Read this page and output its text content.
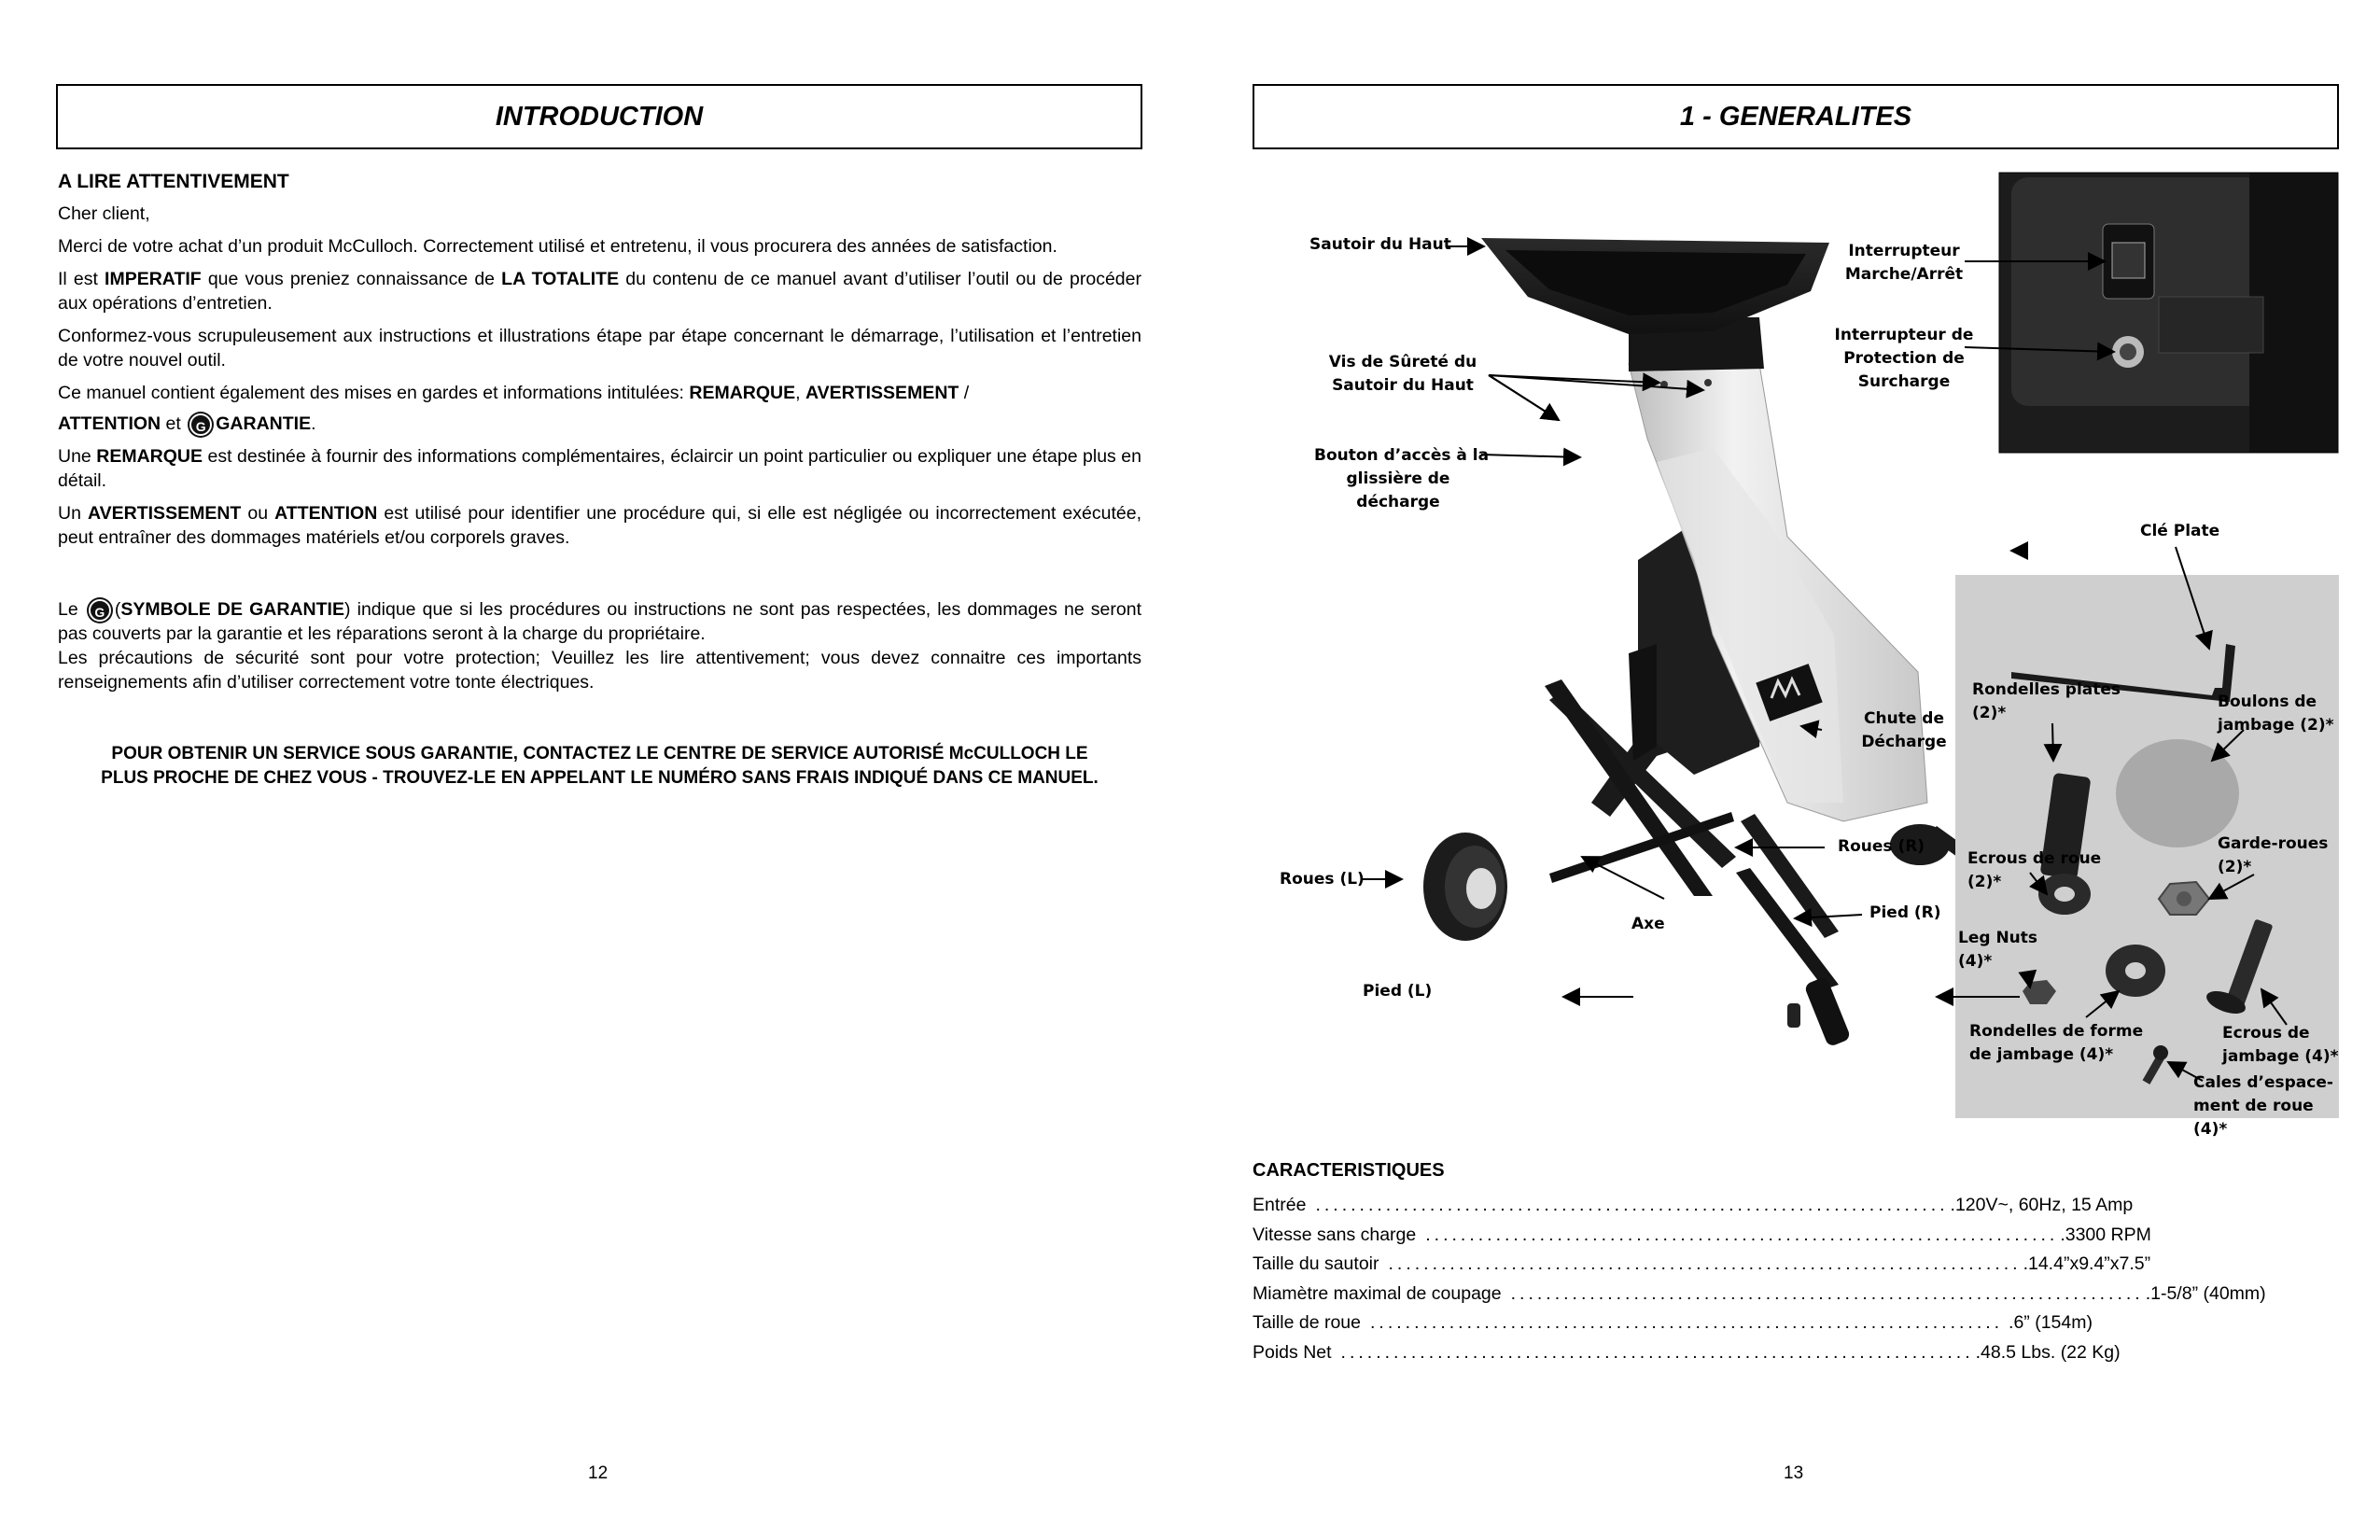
INTRODUCTION
A LIRE ATTENTIVEMENT

Cher client,

Merci de votre achat d’un produit McCulloch. Correctement utilisé et entretenu, il vous procurera des années de satisfaction.

Il est IMPERATIF que vous preniez connaissance de LA TOTALITE du contenu de ce manuel avant d’utiliser l’outil ou de procéder aux opérations d’entretien.

Conformez-vous scrupuleusement aux instructions et illustrations étape par étape concernant le démarrage, l’utilisation et l’entretien de votre nouvel outil.

Ce manuel contient également des mises en gardes et informations intitulées: REMARQUE, AVERTISSEMENT /

ATTENTION et G GARANTIE.

Une REMARQUE est destinée à fournir des informations complémentaires, éclaircir un point particulier ou expliquer une étape plus en détail.

Un AVERTISSEMENT ou ATTENTION est utilisé pour identifier une procédure qui, si elle est négligée ou incorrectement exécutée, peut entraîner des dommages matériels et/ou corporels graves.

Le G (SYMBOLE DE GARANTIE) indique que si les procédures ou instructions ne sont pas respectées, les dommages ne seront pas couverts par la garantie et les réparations seront à la charge du propriétaire.

Les précautions de sécurité sont pour votre protection; Veuillez les lire attentivement; vous devez connaitre ces importants renseignements afin d’utiliser correctement votre tonte électriques.

POUR OBTENIR UN SERVICE SOUS GARANTIE, CONTACTEZ LE CENTRE DE SERVICE AUTORISÉ McCULLOCH LE
PLUS PROCHE DE CHEZ VOUS - TROUVEZ-LE EN APPELANT LE NUMÉRO SANS FRAIS INDIQUÉ DANS CE MANUEL.
12
1 - GENERALITES
Sautoir du Haut
Vis de Sûreté du
Sautoir du Haut
Bouton d’accès à la
glissière de
décharge
Interrupteur
Marche/Arrêt
Interrupteur de
Protection de
Surcharge
Chute de
Décharge
Roues (R)
Roues (L)
Pied (R)
Pied (L)
Axe
Clé Plate
Rondelles plates
(2)*
Boulons de
jambage (2)*
Ecrous de roue
(2)*
Garde-roues
(2)*
Leg Nuts
(4)*
Rondelles de forme
de jambage (4)*
Ecrous de
jambage (4)*
Cales d’espace-
ment de roue
(4)*
CARACTERISTIQUES
Entrée ........................................................................ .120V~, 60Hz, 15 Amp
Vitesse sans charge ........................................................................ .3300 RPM
Taille du sautoir ........................................................................ .14.4”x9.4”x7.5”
Miamètre maximal de coupage ........................................................................ .1-5/8” (40mm)
Taille de roue ........................................................................ .6” (154m)
Poids Net ........................................................................ .48.5 Lbs. (22 Kg)
13
